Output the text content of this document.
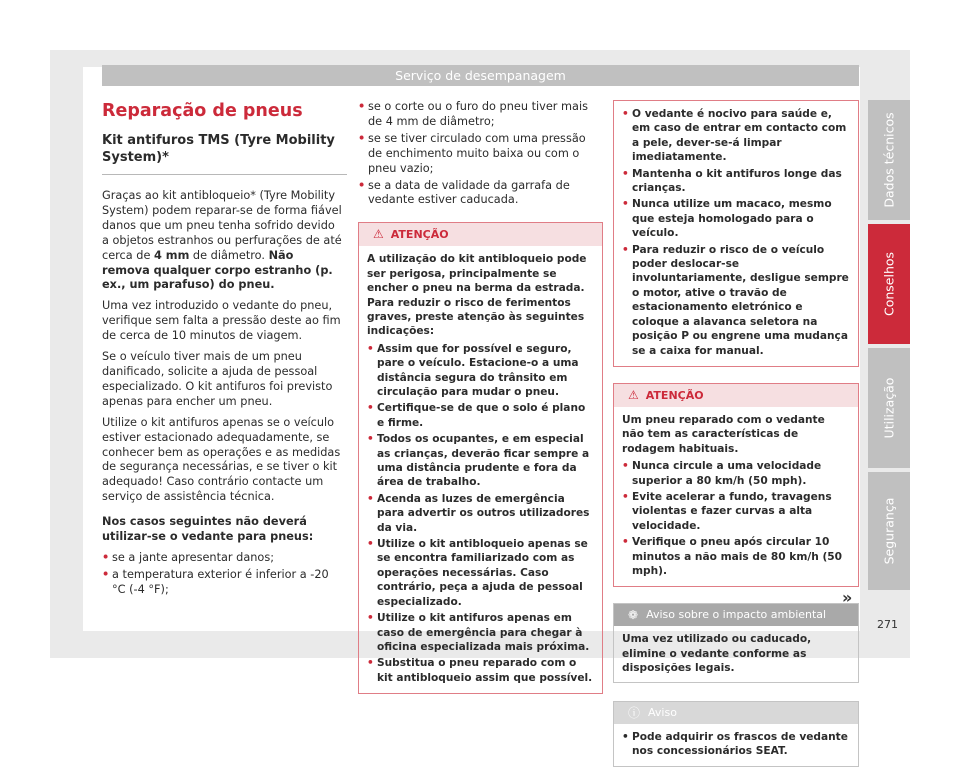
Serviço de desempanagem
Reparação de pneus
Kit antifuros TMS (Tyre Mobility System)*

Graças ao kit antibloqueio* (Tyre Mobility System) podem reparar-se de forma fiável danos que um pneu tenha sofrido devido a objetos estranhos ou perfurações de até cerca de 4 mm de diâmetro. Não remova qualquer corpo estranho (p. ex., um parafuso) do pneu.

Uma vez introduzido o vedante do pneu, verifique sem falta a pressão deste ao fim de cerca de 10 minutos de viagem.

Se o veículo tiver mais de um pneu danificado, solicite a ajuda de pessoal especializado. O kit antifuros foi previsto apenas para encher um pneu.

Utilize o kit antifuros apenas se o veículo estiver estacionado adequadamente, se conhecer bem as operações e as medidas de segurança necessárias, e se tiver o kit adequado! Caso contrário contacte um serviço de assistência técnica.

Nos casos seguintes não deverá utilizar-se o vedante para pneus:

• se a jante apresentar danos;
• a temperatura exterior é inferior a -20 °C (-4 °F);
• se o corte ou o furo do pneu tiver mais de 4 mm de diâmetro;
• se se tiver circulado com uma pressão de enchimento muito baixa ou com o pneu vazio;
• se a data de validade da garrafa de vedante estiver caducada.
⚠ ATENÇÃO

A utilização do kit antibloqueio pode ser perigosa, principalmente se encher o pneu na berma da estrada. Para reduzir o risco de ferimentos graves, preste atenção às seguintes indicações:

• Assim que for possível e seguro, pare o veículo. Estacione-o a uma distância segura do trânsito em circulação para mudar o pneu.
• Certifique-se de que o solo é plano e firme.
• Todos os ocupantes, e em especial as crianças, deverão ficar sempre a uma distância prudente e fora da área de trabalho.
• Acenda as luzes de emergência para advertir os outros utilizadores da via.
• Utilize o kit antibloqueio apenas se se encontra familiarizado com as operações necessárias. Caso contrário, peça a ajuda de pessoal especializado.
• Utilize o kit antifuros apenas em caso de emergência para chegar à oficina especializada mais próxima.
• Substitua o pneu reparado com o kit antibloqueio assim que possível.
• O vedante é nocivo para saúde e, em caso de entrar em contacto com a pele, dever-se-á limpar imediatamente.
• Mantenha o kit antifuros longe das crianças.
• Nunca utilize um macaco, mesmo que esteja homologado para o veículo.
• Para reduzir o risco de o veículo poder deslocar-se involuntariamente, desligue sempre o motor, ative o travão de estacionamento eletrónico e coloque a alavanca seletora na posição P ou engrene uma mudança se a caixa for manual.
⚠ ATENÇÃO

Um pneu reparado com o vedante não tem as características de rodagem habituais.

• Nunca circule a uma velocidade superior a 80 km/h (50 mph).
• Evite acelerar a fundo, travagens violentas e fazer curvas a alta velocidade.
• Verifique o pneu após circular 10 minutos a não mais de 80 km/h (50 mph).
❁ Aviso sobre o impacto ambiental
Uma vez utilizado ou caducado, elimine o vedante conforme as disposições legais.
ⓘ Aviso
• Pode adquirir os frascos de vedante nos concessionários SEAT.
»
Dados técnicos
Conselhos
Utilização
Segurança
271
